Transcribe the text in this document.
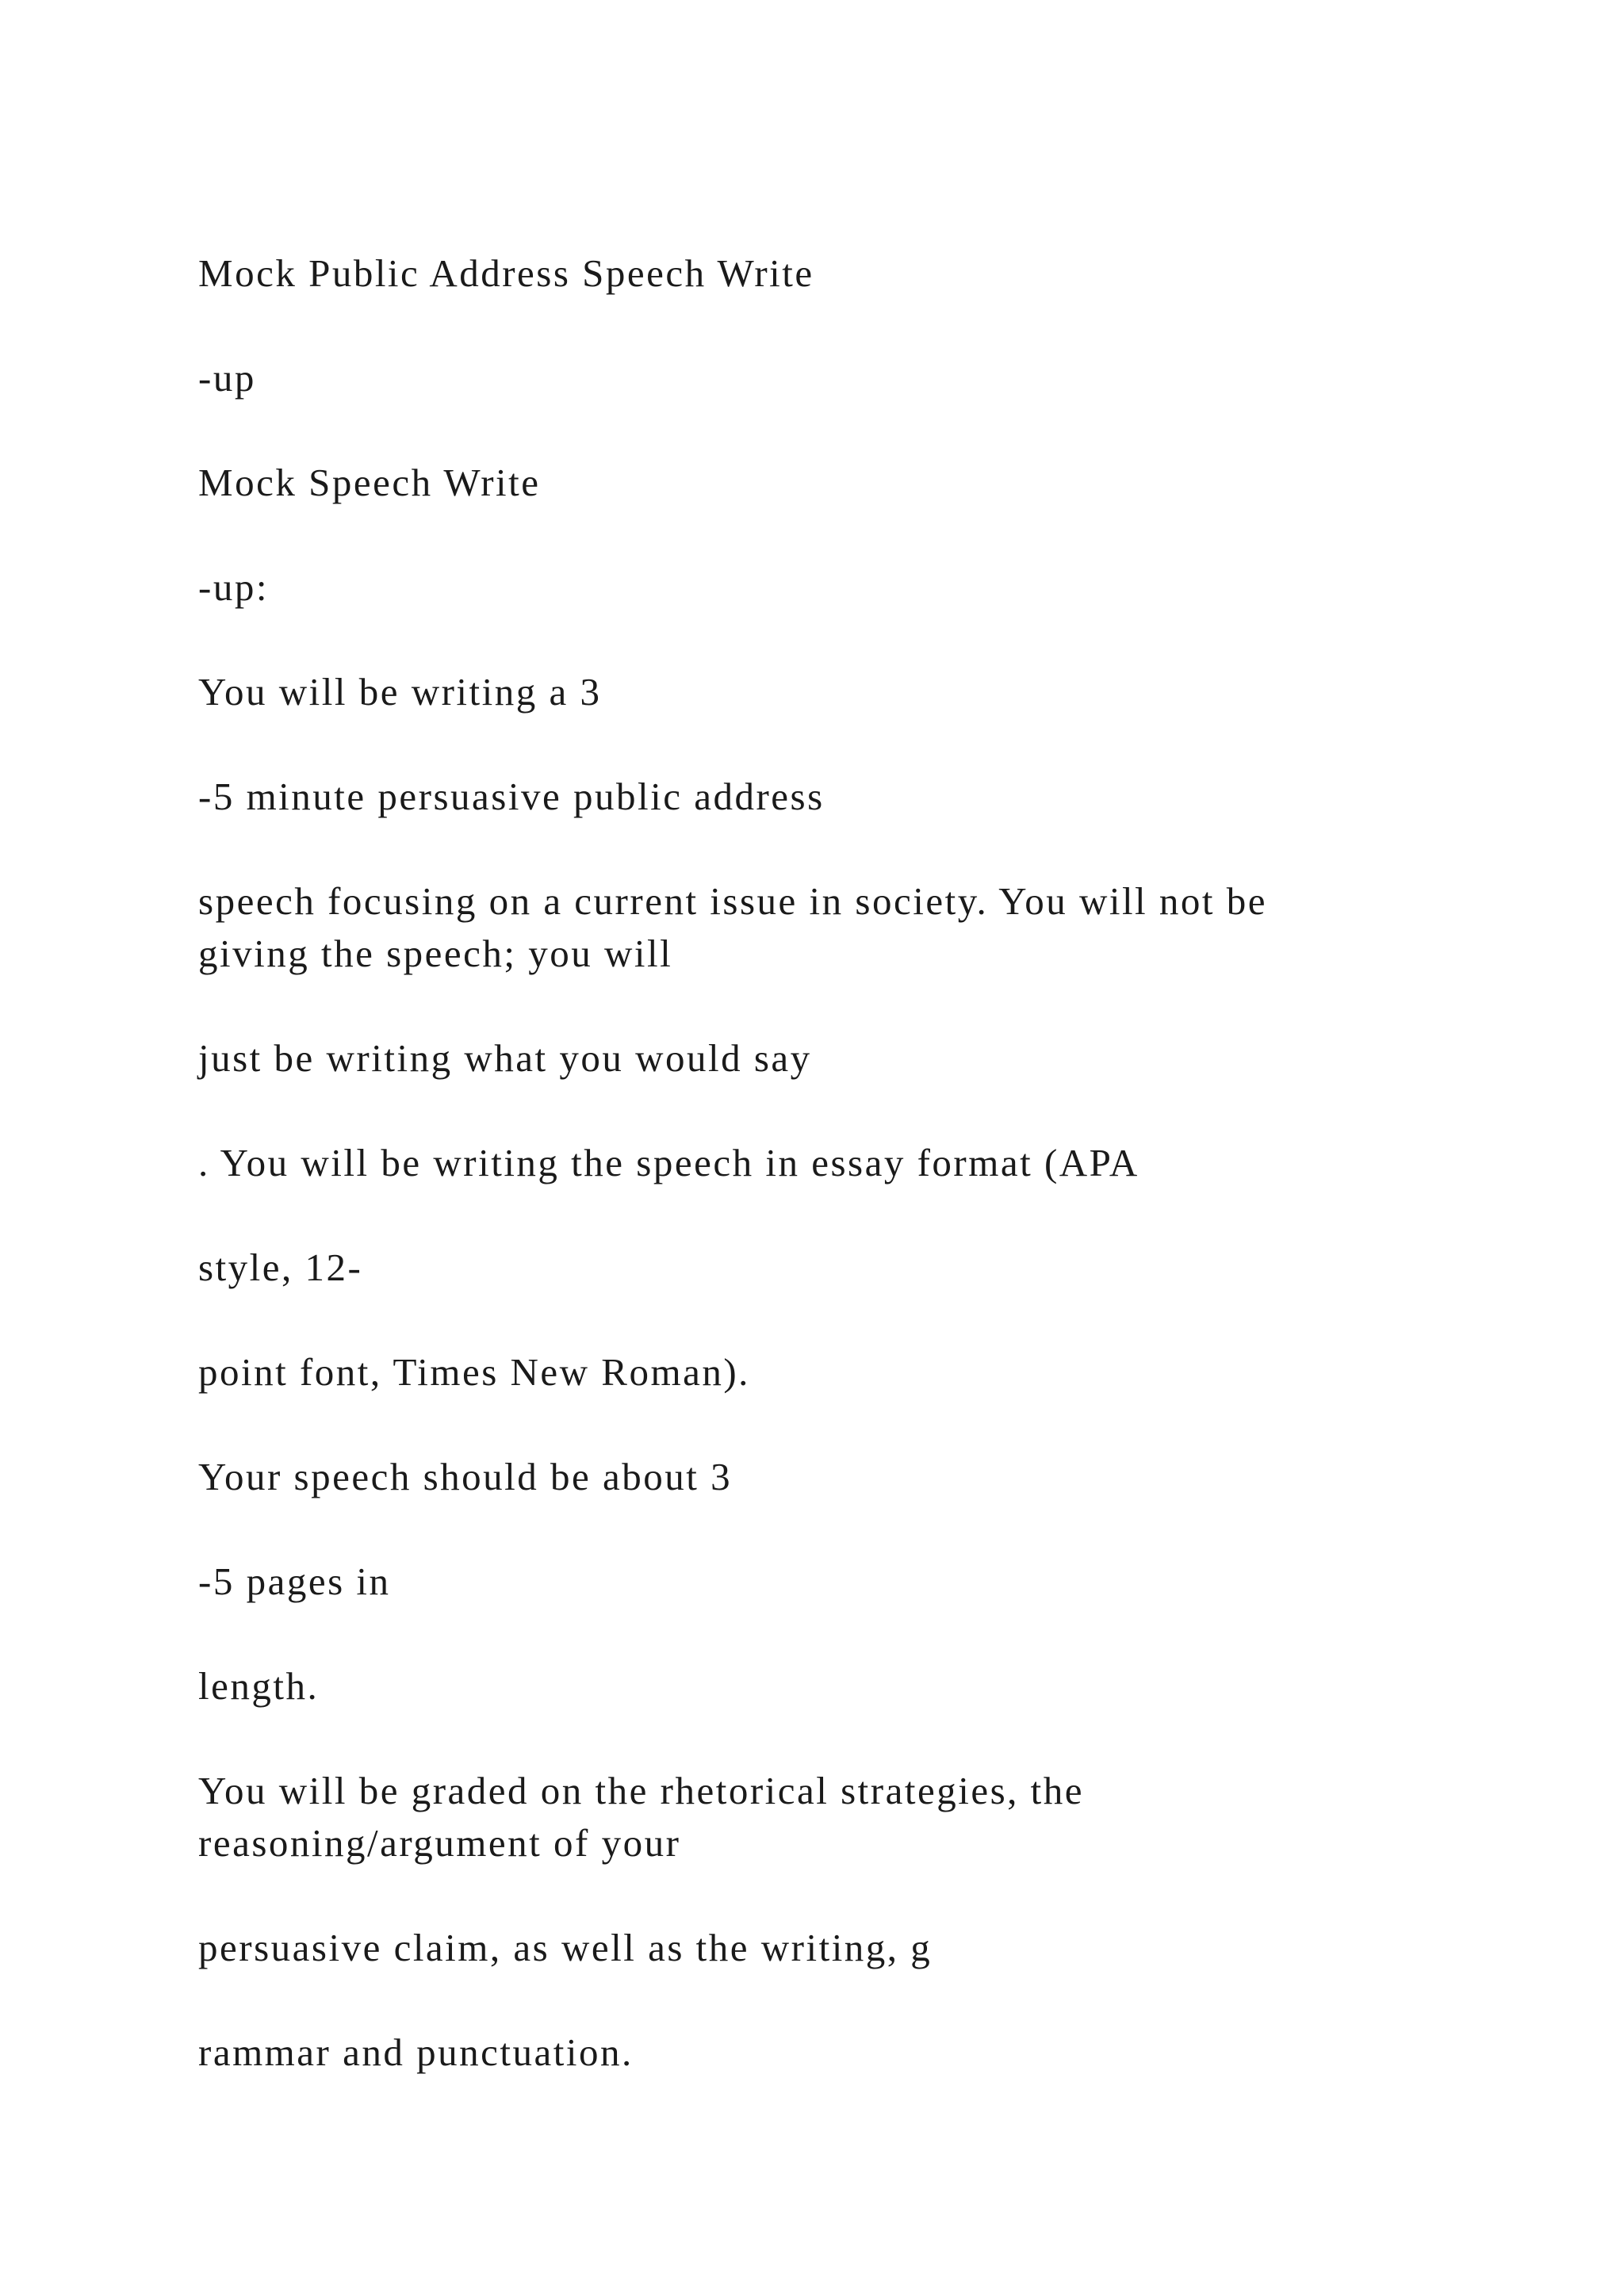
Mock Public Address Speech Write

-up

Mock Speech Write

-up:

You will be writing a 3

-5 minute persuasive public address

speech focusing on a current issue in society. You will not be
giving the speech; you will

just be writing what you would say

. You will be writing the speech in essay format (APA

style, 12-

point font, Times New Roman).

Your speech should be about 3

-5 pages in

length.

You will be graded on the rhetorical strategies, the
reasoning/argument of your

persuasive claim, as well as the writing, g

rammar and punctuation.
